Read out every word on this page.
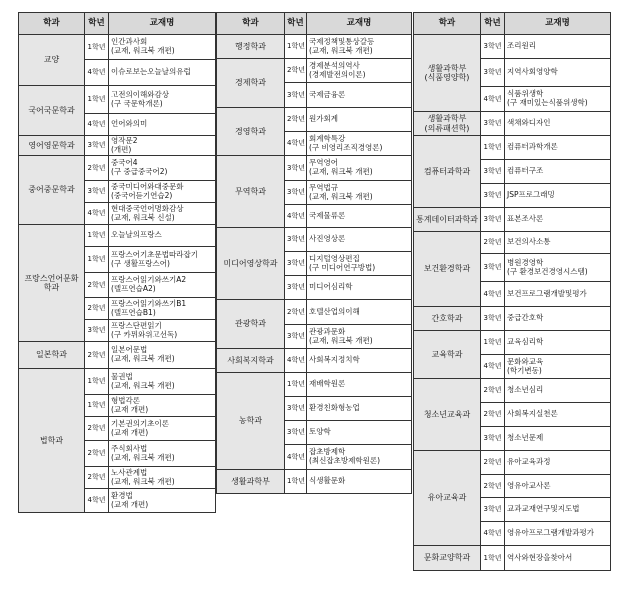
학과	학년	교재명
교양	1학년	인간과사회
(교재, 워크북 개편)
	4학년	이슈로보는오늘날의유럽
국어국문학과	1학년	고전의이해와감상
(구 국문학개론)
	4학년	언어와의미
영어영문학과	3학년	영작문2
(개편)
중어중문학과	2학년	중국어4
(구 중급중국어2)
	3학년	중국미디어와대중문화
(중국어듣기연습2)
	4학년	현대중국언어명화감상
(교재, 워크북 신설)
프랑스언어문화학과	1학년	오늘날의프랑스
	1학년	프랑스어기초문법따라잡기
(구 생활프랑스어)
	2학년	프랑스어읽기와쓰기A2
(델프연습A2)
	2학년	프랑스어읽기와쓰기B1
(델프연습B1)
	3학년	프랑스단편읽기
(구 카뮈와위고선독)
일본학과	2학년	일본어문법
(교재, 워크북 개편)
법학과	1학년	물권법
(교재, 워크북 개편)
	1학년	형법각론
(교재 개편)
	2학년	기본권의기초이론
(교재 개편)
	2학년	주식회사법
(교재, 워크북 개편)
	2학년	노사관계법
(교재, 워크북 개편)
	4학년	환경법
(교재 개편)
학과	학년	교재명
행정학과	1학년	국제정책및통상갈등
(교재, 워크북 개편)
경제학과	2학년	경제분석의역사
(경제발전의이론)
	3학년	국제금융론
경영학과	2학년	원가회계
	4학년	회계학특강
(구 비영리조직경영론)
무역학과	3학년	무역영어
(교재, 워크북 개편)
	3학년	무역법규
(교재, 워크북 개편)
	4학년	국제물류론
미디어영상학과	3학년	사진영상론
	3학년	디지털영상편집
(구 미디어연구방법)
	3학년	미디어심리학
관광학과	2학년	호텔산업의이해
	3학년	관광과문화
(교재, 워크북 개편)
사회복지학과	4학년	사회복지정치학
농학과	1학년	재배학원론
	3학년	환경친화형농업
	3학년	토양학
	4학년	잡초방제학
(최신잡초방제학원론)
생활과학부	1학년	식생활문화
학과	학년	교재명
생활과학부
(식품영양학)	3학년	조리원리
	3학년	지역사회영양학
	4학년	식품위생학
(구 재미있는식품위생학)
생활과학부
(의류패션학)	3학년	색채와디자인
컴퓨터과학과	1학년	컴퓨터과학개론
	3학년	컴퓨터구조
	3학년	JSP프로그래밍
통계데이터과학과	3학년	표본조사론
보건환경학과	2학년	보건의사소통
	3학년	병원경영학
(구 환경보건경영시스템)
	4학년	보건프로그램개발및평가
간호학과	3학년	중급간호학
교육학과	1학년	교육심리학
	4학년	문화와교육
(학기변동)
청소년교육과	2학년	청소년심리
	2학년	사회복지실천론
	3학년	청소년문제
유아교육과	2학년	유아교육과정
	2학년	영유아교사론
	3학년	교과교재연구및지도법
	4학년	영유아프로그램개발과평가
문화교양학과	1학년	역사와현장을찾아서
